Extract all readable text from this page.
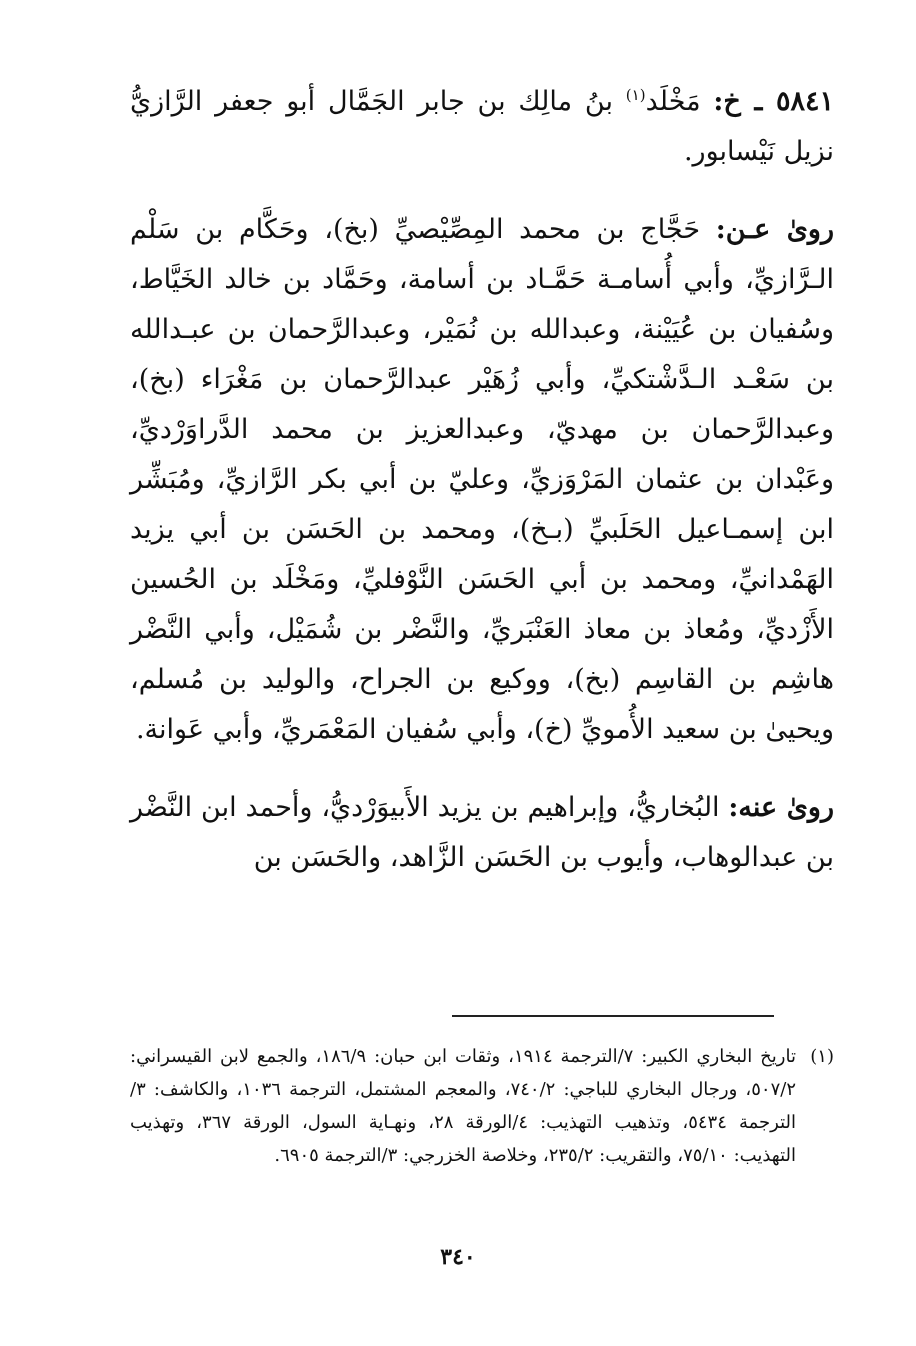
٥٨٤١ ـ خ: مَخْلَد$^{(١)}$ بنُ مالِك بن جابر الجَمَّال أبو جعفر الرَّازيُّ نزيل نَيْسابور.

روىٰ عـن: حَجَّاج بن محمد المِصِّيْصيِّ (بخ)، وحَكَّام بن سَلْم الـرَّازيِّ، وأبي أُسامـة حَمَّـاد بن أسامة، وحَمَّاد بن خالد الخَيَّاط، وسُفيان بن عُيَيْنة، وعبدالله بن نُمَيْر، وعبدالرَّحمان بن عبـدالله بن سَعْـد الـدَّشْتكيِّ، وأبي زُهَيْر عبدالرَّحمان بن مَغْرَاء (بخ)، وعبدالرَّحمان بن مهديّ، وعبدالعزيز بن محمد الدَّراوَرْديِّ، وعَبْدان بن عثمان المَرْوَزيِّ، وعليّ بن أبي بكر الرَّازيِّ، ومُبَشِّر ابن إسمـاعيل الحَلَبيِّ (بـخ)، ومحمد بن الحَسَن بن أبي يزيد الهَمْدانيِّ، ومحمد بن أبي الحَسَن النَّوْفليِّ، ومَخْلَد بن الحُسين الأَزْديِّ، ومُعاذ بن معاذ العَنْبَريِّ، والنَّضْر بن شُمَيْل، وأبي النَّضْر هاشِم بن القاسِم (بخ)، ووكيع بن الجراح، والوليد بن مُسلم، ويحيىٰ بن سعيد الأُمويِّ (خ)، وأبي سُفيان المَعْمَريِّ، وأبي عَوانة.

روىٰ عنه: البُخاريُّ، وإبراهيم بن يزيد الأَبيوَرْديُّ، وأحمد ابن النَّضْر بن عبدالوهاب، وأيوب بن الحَسَن الزَّاهد، والحَسَن بن

(١)
تاريخ البخاري الكبير: ٧/الترجمة ١٩١٤، وثقات ابن حبان: ١٨٦/٩، والجمع لابن القيسراني: ٥٠٧/٢، ورجال البخاري للباجي: ٧٤٠/٢، والمعجم المشتمل، الترجمة ١٠٣٦، والكاشف: ٣/الترجمة ٥٤٣٤، وتذهيب التهذيب: ٤/الورقة ٢٨، ونهـاية السول، الورقة ٣٦٧، وتهذيب التهذيب: ٧٥/١٠، والتقريب: ٢٣٥/٢، وخلاصة الخزرجي: ٣/الترجمة ٦٩٠٥.
٣٤٠
